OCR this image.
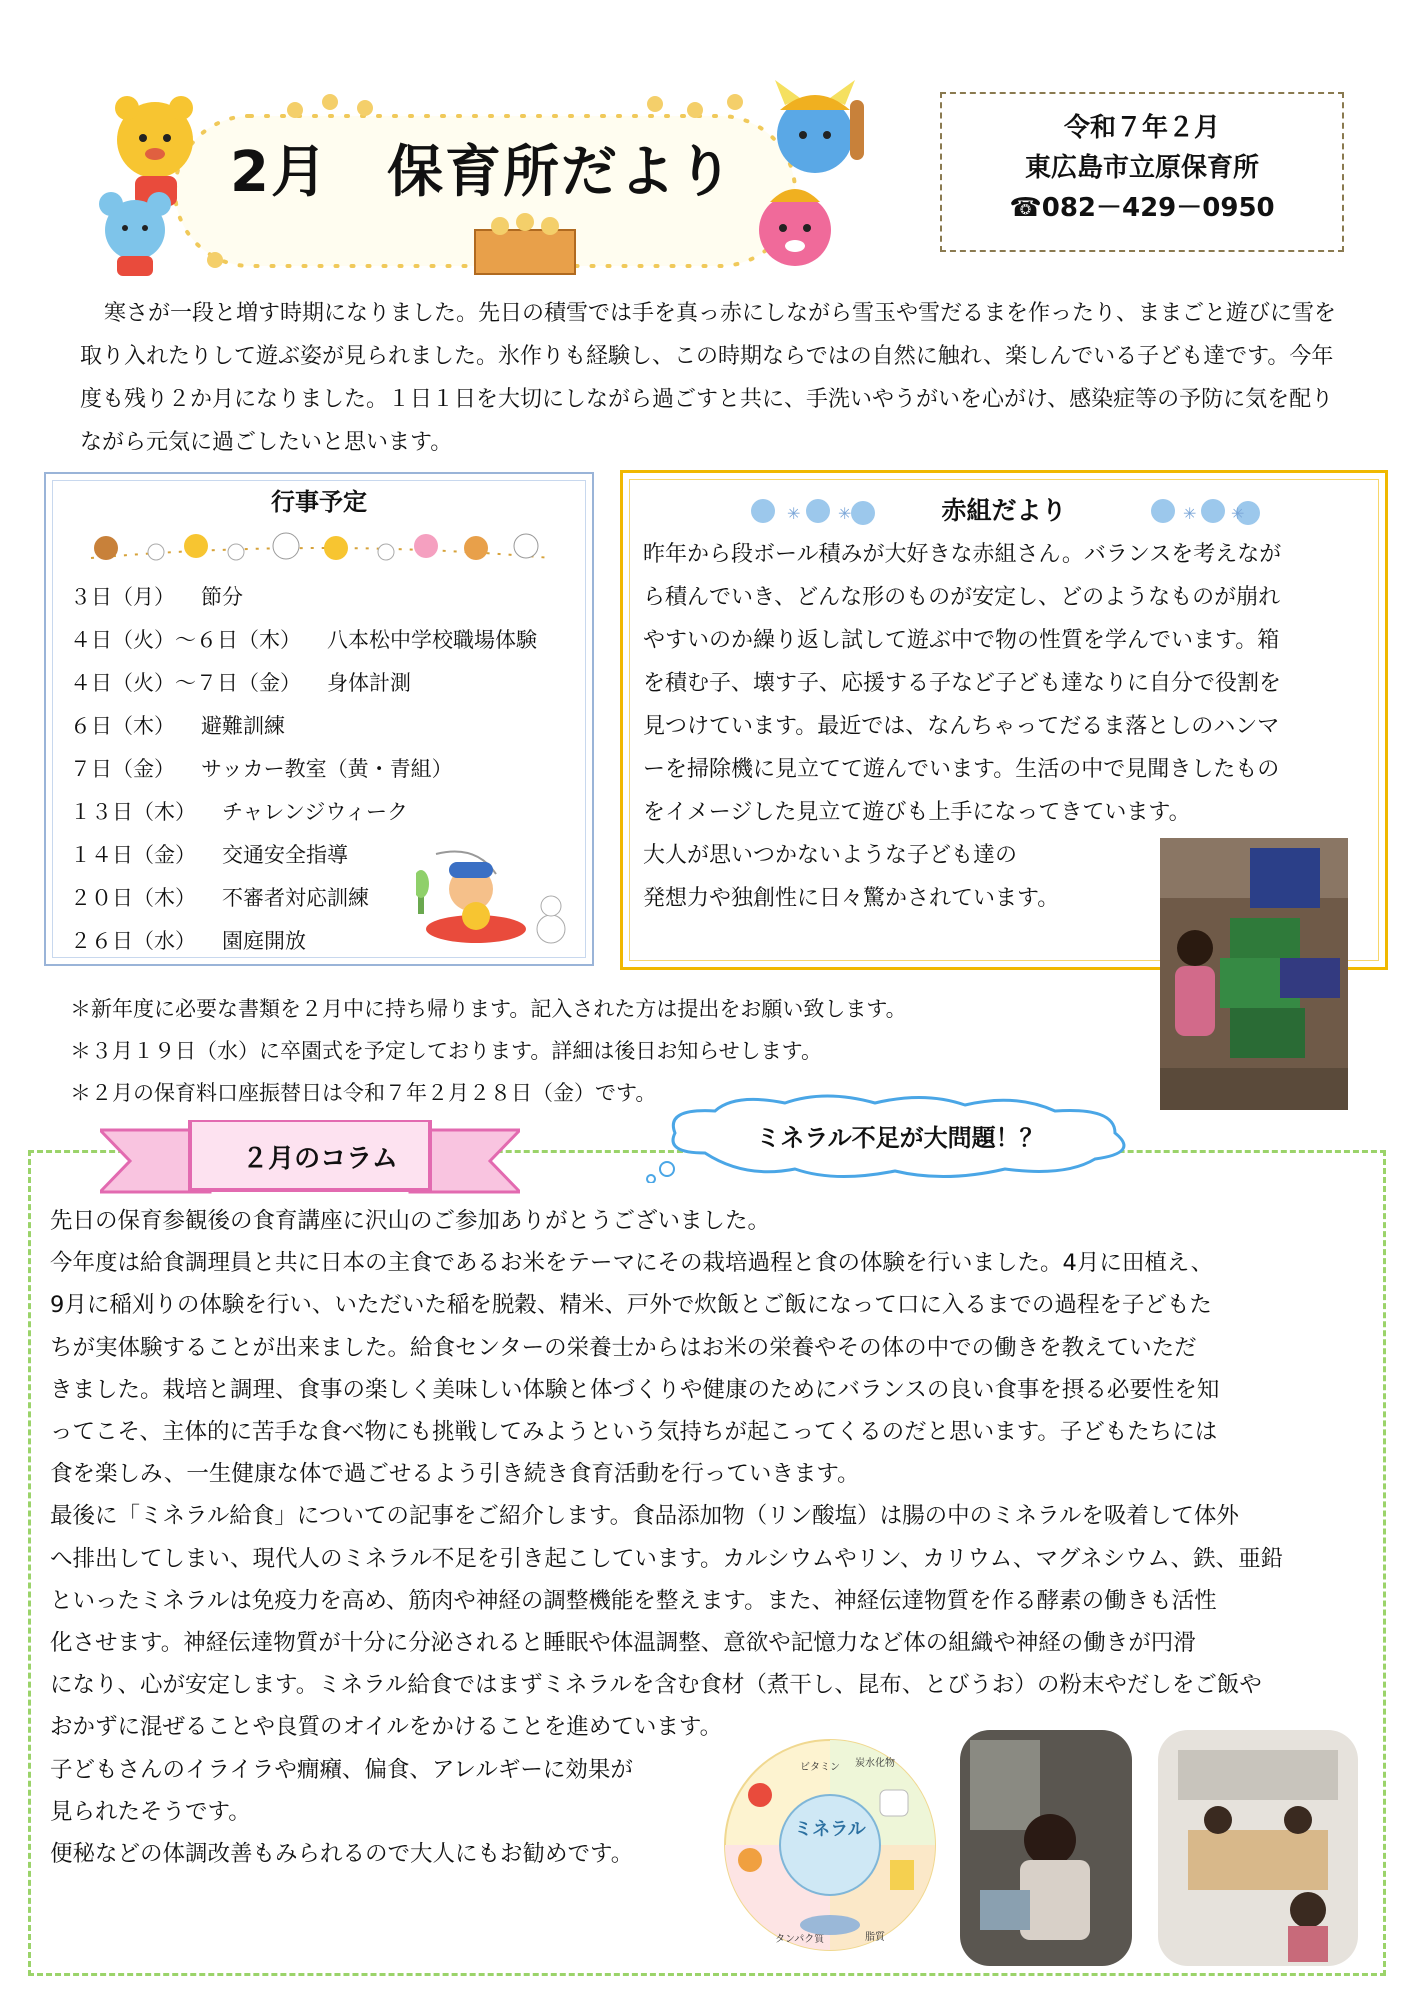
2月　保育所だより
令和７年２月
東広島市立原保育所
☎082－429－0950
寒さが一段と増す時期になりました。先日の積雪では手を真っ赤にしながら雪玉や雪だるまを作ったり、ままごと遊びに雪を取り入れたりして遊ぶ姿が見られました。氷作りも経験し、この時期ならではの自然に触れ、楽しんでいる子ども達です。今年度も残り２か月になりました。１日１日を大切にしながら過ごすと共に、手洗いやうがいを心がけ、感染症等の予防に気を配りながら元気に過ごしたいと思います。
行事予定
３日（月） 節分
４日（火）～６日（木） 八本松中学校職場体験
４日（火）～７日（金） 身体計測
６日（木） 避難訓練
７日（金） サッカー教室（黄・青組）
１３日（木） チャレンジウィーク
１４日（金） 交通安全指導
２０日（木） 不審者対応訓練
２６日（水） 園庭開放
✳ ✳	✳ ✳
赤組だより
昨年から段ボール積みが大好きな赤組さん。バランスを考えなが
ら積んでいき、どんな形のものが安定し、どのようなものが崩れ
やすいのか繰り返し試して遊ぶ中で物の性質を学んでいます。箱
を積む子、壊す子、応援する子など子ども達なりに自分で役割を
見つけています。最近では、なんちゃってだるま落としのハンマ
ーを掃除機に見立てて遊んでいます。生活の中で見聞きしたもの
をイメージした見立て遊びも上手になってきています。
大人が思いつかないような子ども達の
発想力や独創性に日々驚かされています。
＊新年度に必要な書類を２月中に持ち帰ります。記入された方は提出をお願い致します。
＊３月１９日（水）に卒園式を予定しております。詳細は後日お知らせします。
＊２月の保育料口座振替日は令和７年２月２８日（金）です。
２月のコラム
ミネラル不足が大問題！？
先日の保育参観後の食育講座に沢山のご参加ありがとうございました。
今年度は給食調理員と共に日本の主食であるお米をテーマにその栽培過程と食の体験を行いました。4月に田植え、
9月に稲刈りの体験を行い、いただいた稲を脱穀、精米、戸外で炊飯とご飯になって口に入るまでの過程を子どもた
ちが実体験することが出来ました。給食センターの栄養士からはお米の栄養やその体の中での働きを教えていただ
きました。栽培と調理、食事の楽しく美味しい体験と体づくりや健康のためにバランスの良い食事を摂る必要性を知
ってこそ、主体的に苦手な食べ物にも挑戦してみようという気持ちが起こってくるのだと思います。子どもたちには
食を楽しみ、一生健康な体で過ごせるよう引き続き食育活動を行っていきます。
最後に「ミネラル給食」についての記事をご紹介します。食品添加物（リン酸塩）は腸の中のミネラルを吸着して体外
へ排出してしまい、現代人のミネラル不足を引き起こしています。カルシウムやリン、カリウム、マグネシウム、鉄、亜鉛
といったミネラルは免疫力を高め、筋肉や神経の調整機能を整えます。また、神経伝達物質を作る酵素の働きも活性
化させます。神経伝達物質が十分に分泌されると睡眠や体温調整、意欲や記憶力など体の組織や神経の働きが円滑
になり、心が安定します。ミネラル給食ではまずミネラルを含む食材（煮干し、昆布、とびうお）の粉末やだしをご飯や
おかずに混ぜることや良質のオイルをかけることを進めています。
子どもさんのイライラや癇癪、偏食、アレルギーに効果が
見られたそうです。
便秘などの体調改善もみられるので大人にもお勧めです。
ミネラル
ビタミン 炭水化物
タンパク質	脂質
